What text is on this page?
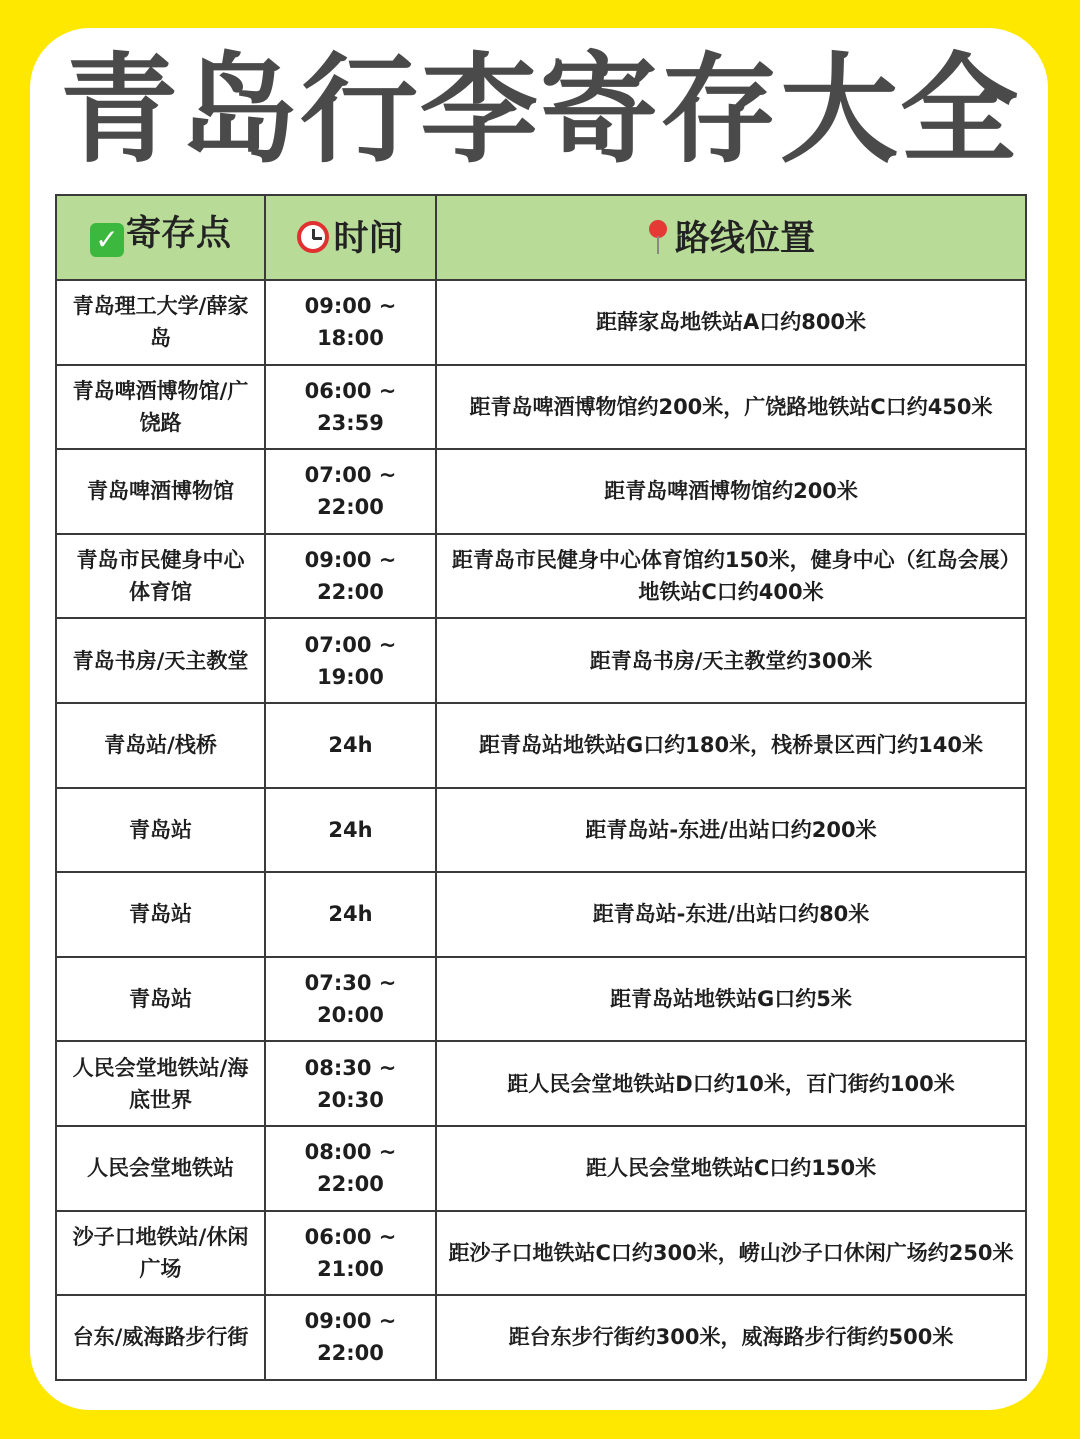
青岛行李寄存大全
✓ 寄存点	时间	路线位置
青岛理工大学/薛家岛	09:00 ~ 18:00	距薛家岛地铁站A口约800米
青岛啤酒博物馆/广饶路	06:00 ~ 23:59	距青岛啤酒博物馆约200米，广饶路地铁站C口约450米
青岛啤酒博物馆	07:00 ~ 22:00	距青岛啤酒博物馆约200米
青岛市民健身中心体育馆	09:00 ~ 22:00	距青岛市民健身中心体育馆约150米，健身中心（红岛会展）地铁站C口约400米
青岛书房/天主教堂	07:00 ~ 19:00	距青岛书房/天主教堂约300米
青岛站/栈桥	24h	距青岛站地铁站G口约180米，栈桥景区西门约140米
青岛站	24h	距青岛站-东进/出站口约200米
青岛站	24h	距青岛站-东进/出站口约80米
青岛站	07:30 ~ 20:00	距青岛站地铁站G口约5米
人民会堂地铁站/海底世界	08:30 ~ 20:30	距人民会堂地铁站D口约10米，百门街约100米
人民会堂地铁站	08:00 ~ 22:00	距人民会堂地铁站C口约150米
沙子口地铁站/休闲广场	06:00 ~ 21:00	距沙子口地铁站C口约300米，崂山沙子口休闲广场约250米
台东/威海路步行街	09:00 ~ 22:00	距台东步行街约300米，威海路步行街约500米
